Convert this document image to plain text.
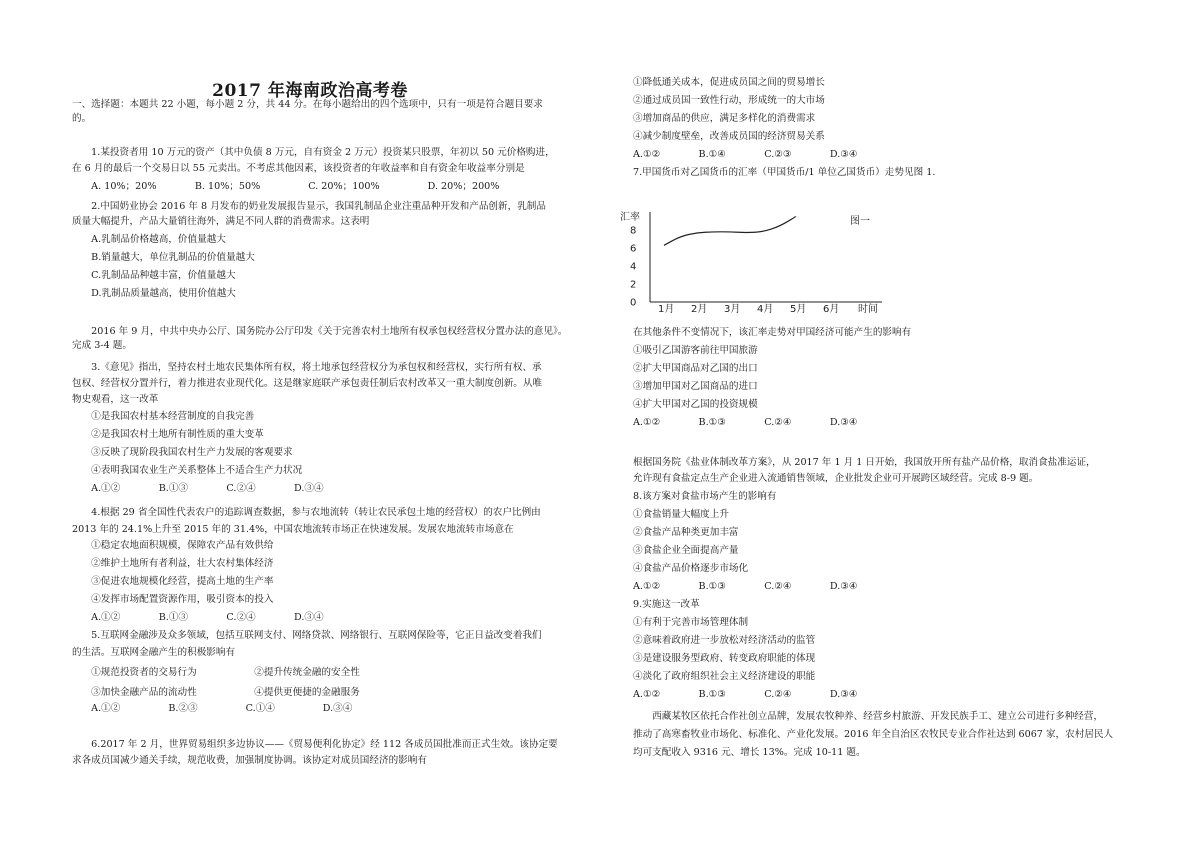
2017 年海南政治高考卷
一、选择题：本题共 22 小题，每小题 2 分，共 44 分。在每小题给出的四个选项中，只有一项是符合题目要求
的。
　　1.某投资者用 10 万元的资产（其中负债 8 万元，自有资金 2 万元）投资某只股票，年初以 50 元价格购进，
在 6 月的最后一个交易日以 55 元卖出。不考虑其他因素，该投资者的年收益率和自有资金年收益率分别是
　　A. 10%；20%　　　　B. 10%；50%　　　　　C. 20%；100%　　　　　D. 20%；200%
　　2.中国奶业协会 2016 年 8 月发布的奶业发展报告显示，我国乳制品企业注重品种开发和产品创新，乳制品
质量大幅提升，产品大量销往海外，满足不同人群的消费需求。这表明
　　A.乳制品价格越高，价值量越大
　　B.销量越大，单位乳制品的价值量越大
　　C.乳制品品种越丰富，价值量越大
　　D.乳制品质量越高，使用价值越大
　　2016 年 9 月，中共中央办公厅、国务院办公厅印发《关于完善农村土地所有权承包权经营权分置办法的意见》。
完成 3-4 题。
　　3.《意见》指出，坚持农村土地农民集体所有权，将土地承包经营权分为承包权和经营权，实行所有权、承
包权、经营权分置并行，着力推进农业现代化。这是继家庭联产承包责任制后农村改革又一重大制度创新。从唯
物史观看，这一改革
　　①是我国农村基本经营制度的自我完善
　　②是我国农村土地所有制性质的重大变革
　　③反映了现阶段我国农村生产力发展的客观要求
　　④表明我国农业生产关系整体上不适合生产力状况
　　A.①②　　　　B.①③　　　　C.②④　　　　D.③④
　　4.根据 29 省全国性代表农户的追踪调查数据，参与农地流转（转让农民承包土地的经营权）的农户比例由
2013 年的 24.1%上升至 2015 年的 31.4%，中国农地流转市场正在快速发展。发展农地流转市场意在
　　①稳定农地面积规模，保障农产品有效供给
　　②维护土地所有者利益，壮大农村集体经济
　　③促进农地规模化经营，提高土地的生产率
　　④发挥市场配置资源作用，吸引资本的投入
　　A.①②　　　　B.①③　　　　C.②④　　　　D.③④
　　5.互联网金融涉及众多领域，包括互联网支付、网络贷款、网络银行、互联网保险等，它正日益改变着我们
的生活。互联网金融产生的积极影响有
　　①规范投资者的交易行为　　　　　　②提升传统金融的安全性
　　③加快金融产品的流动性　　　　　　④提供更便捷的金融服务
　　A.①②　　　　　B.②③　　　　　C.①④　　　　　D.③④
　　6.2017 年 2 月，世界贸易组织多边协议——《贸易便利化协定》经 112 各成员国批准而正式生效。该协定要
求各成员国减少通关手续，规范收费，加强制度协调。该协定对成员国经济的影响有
①降低通关成本，促进成员国之间的贸易增长
②通过成员国一致性行动，形成统一的大市场
③增加商品的供应，满足多样化的消费需求
④减少制度壁垒，改善成员国的经济贸易关系
A.①②　　　　B.①④　　　　C.②③　　　　D.③④
7.甲国货币对乙国货币的汇率（甲国货币/1 单位乙国货币）走势见图 1.
在其他条件不变情况下，该汇率走势对甲国经济可能产生的影响有
①吸引乙国游客前往甲国旅游
②扩大甲国商品对乙国的出口
③增加甲国对乙国商品的进口
④扩大甲国对乙国的投资规模
A.①②　　　　B.①③　　　　C.②④　　　　D.③④
根据国务院《盐业体制改革方案》，从 2017 年 1 月 1 日开始，我国放开所有盐产品价格，取消食盐准运证，
允许现有食盐定点生产企业进入流通销售领域，企业批发企业可开展跨区域经营。完成 8-9 题。
8.该方案对食盐市场产生的影响有
①食盐销量大幅度上升
②食盐产品种类更加丰富
③食盐企业全面提高产量
④食盐产品价格逐步市场化
A.①②　　　　B.①③　　　　C.②④　　　　D.③④
9.实施这一改革
①有利于完善市场管理体制
②意味着政府进一步放松对经济活动的监管
③是建设服务型政府、转变政府职能的体现
④淡化了政府组织社会主义经济建设的职能
A.①②　　　　B.①③　　　　C.②④　　　　D.③④
　　西藏某牧区依托合作社创立品牌，发展农牧种养、经营乡村旅游、开发民族手工、建立公司进行多种经营，
推动了高寒畜牧业市场化、标准化、产业化发展。2016 年全自治区农牧民专业合作社达到 6067 家，农村居民人
均可支配收入 9316 元、增长 13%。完成 10-11 题。
汇率	图一
时间
0
2
4
6
8
1月 2月 3月 4月 5月 6月
